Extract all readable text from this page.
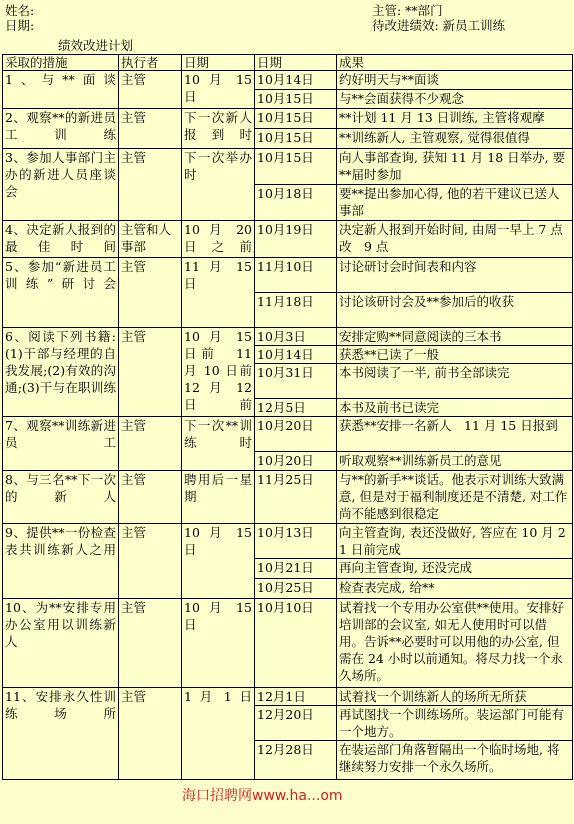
姓名:
日期:
主管: **部门
待改进绩效: 新员工训练
绩效改进计划
采取的措施	执行者	日期	日期	成果
1、与**面谈	主管	10 月 15 日	10月14日	约好明天与**面谈
			10月15日	与**会面获得不少观念
2、观察**的新进员工训练	主管	下一次新人报到时	10月15日	**计划 11 月 13 日训练, 主管将观摩
			10月15日	**训练新人, 主管观察, 觉得很值得
3、参加人事部门主办的新进人员座谈会	主管	下一次举办时	10月15日	向人事部查询, 获知 11 月 18 日举办, 要**届时参加
			10月18日	要**提出参加心得, 他的若干建议已送人事部
4、决定新人报到的最佳时间	主管和人事部	10 月 20 日之前	10月19日	决定新人报到开始时间, 由周一早上 7 点改　9 点
5、参加“新进员工训练”研讨会	主管	11 月 15 日	11月10日	讨论研讨会时间表和内容
			11月18日	讨论该研讨会及**参加后的收获
6、阅读下列书籍:(1)干部与经理的自我发展;(2)有效的沟通;(3)干与在职训练	主管	10 月 15 日前　11 月 10 日前　12 月 12 日前	10月3日	安排定购**同意阅读的三本书
			10月14日	获悉**已读了一般
			10月31日	本书阅读了一半, 前书全部读完
			12月5日	本书及前书已读完
7、观察**训练新进员工	主管	下一次**训练时	10月20日	获悉**安排一名新人　11 月 15 日报到
			10月20日	听取观察**训练新员工的意见
8、与三名**下一次的新人	主管	聘用后一星期	11月25日	与**的新手**谈话。他表示对训练大致满意, 但是对于福利制度还是不清楚, 对工作尚不能感到很稳定
9、提供**一份检查表共训练新人之用	主管	10 月 15 日	10月13日	向主管查询, 表还没做好, 答应在 10 月 21 日前完成
			10月21日	再向主管查询, 还没完成
			10月25日	检查表完成, 给**
10、为**安排专用办公室用以训练新人	主管	10 月 15 日	10月10日	试着找一个专用办公室供**使用。安排好培训部的会议室, 如无人使用时可以借用。告诉**必要时可以用他的办公室, 但需在 24 小时以前通知。将尽力找一个永久场所。
11、安排永久性训练场所	主管	1 月 1 日	12月1日	试着找一个训练新人的场所无所获
			12月20日	再试图找一个训练场所。装运部门可能有一个地方。
			12月28日	在装运部门角落暂隔出一个临时场地, 将继续努力安排一个永久场所。
海口招聘网www.ha...om
